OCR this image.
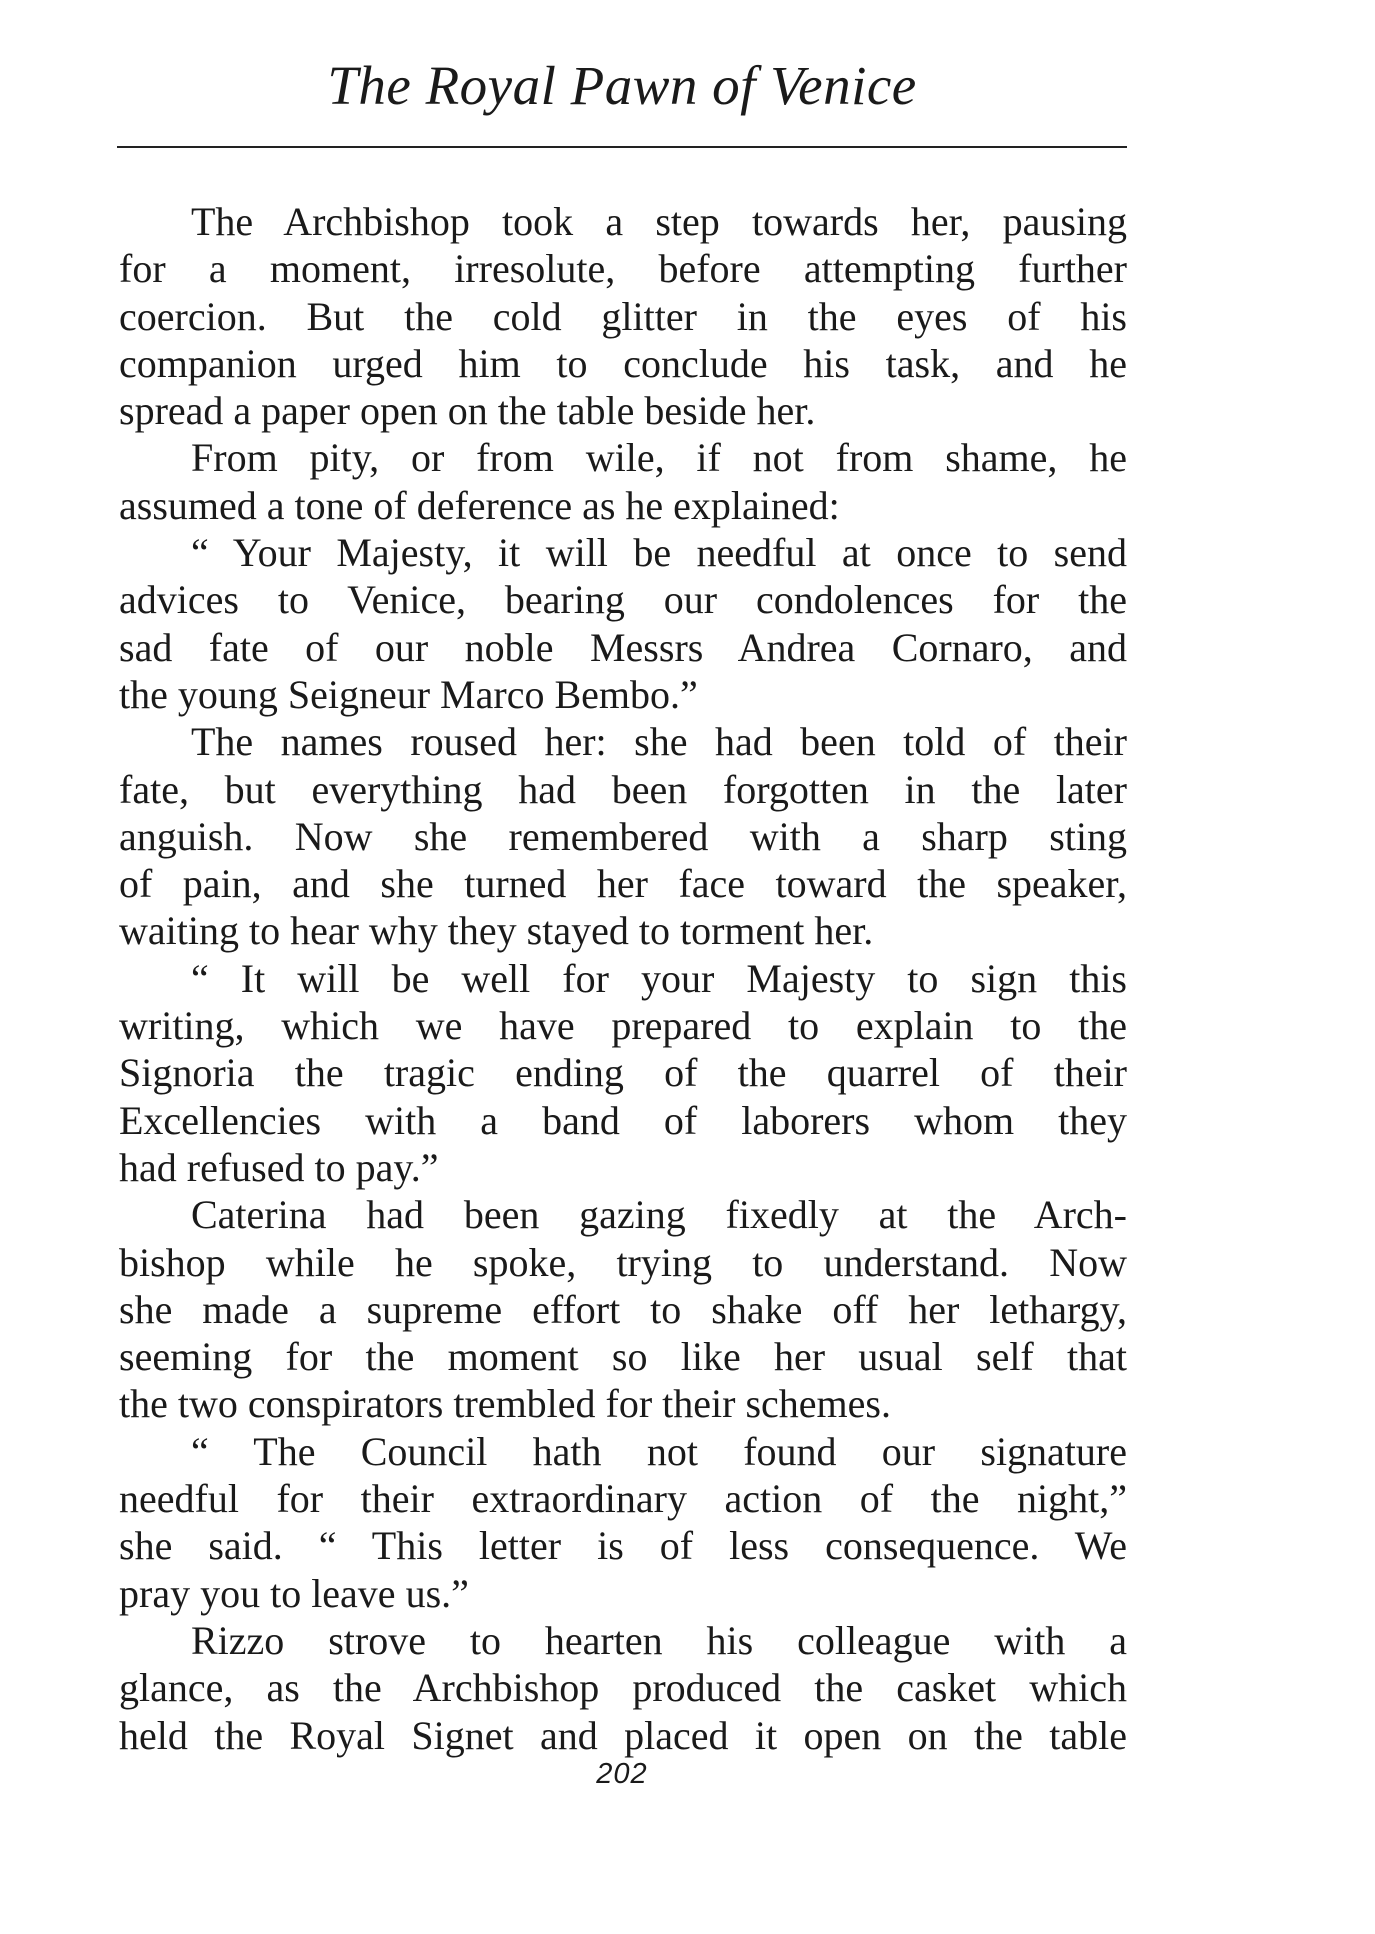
The Royal Pawn of Venice
The Archbishop took a step towards her, pausing
for a moment, irresolute, before attempting further
coercion. But the cold glitter in the eyes of his
companion urged him to conclude his task, and he
spread a paper open on the table beside her.
From pity, or from wile, if not from shame, he
assumed a tone of deference as he explained:
“ Your Majesty, it will be needful at once to send
advices to Venice, bearing our condolences for the
sad fate of our noble Messrs Andrea Cornaro, and
the young Seigneur Marco Bembo.”
The names roused her: she had been told of their
fate, but everything had been forgotten in the later
anguish. Now she remembered with a sharp sting
of pain, and she turned her face toward the speaker,
waiting to hear why they stayed to torment her.
“ It will be well for your Majesty to sign this
writing, which we have prepared to explain to the
Signoria the tragic ending of the quarrel of their
Excellencies with a band of laborers whom they
had refused to pay.”
Caterina had been gazing fixedly at the Arch-
bishop while he spoke, trying to understand. Now
she made a supreme effort to shake off her lethargy,
seeming for the moment so like her usual self that
the two conspirators trembled for their schemes.
“ The Council hath not found our signature
needful for their extraordinary action of the night,”
she said. “ This letter is of less consequence. We
pray you to leave us.”
Rizzo strove to hearten his colleague with a
glance, as the Archbishop produced the casket which
held the Royal Signet and placed it open on the table
202
